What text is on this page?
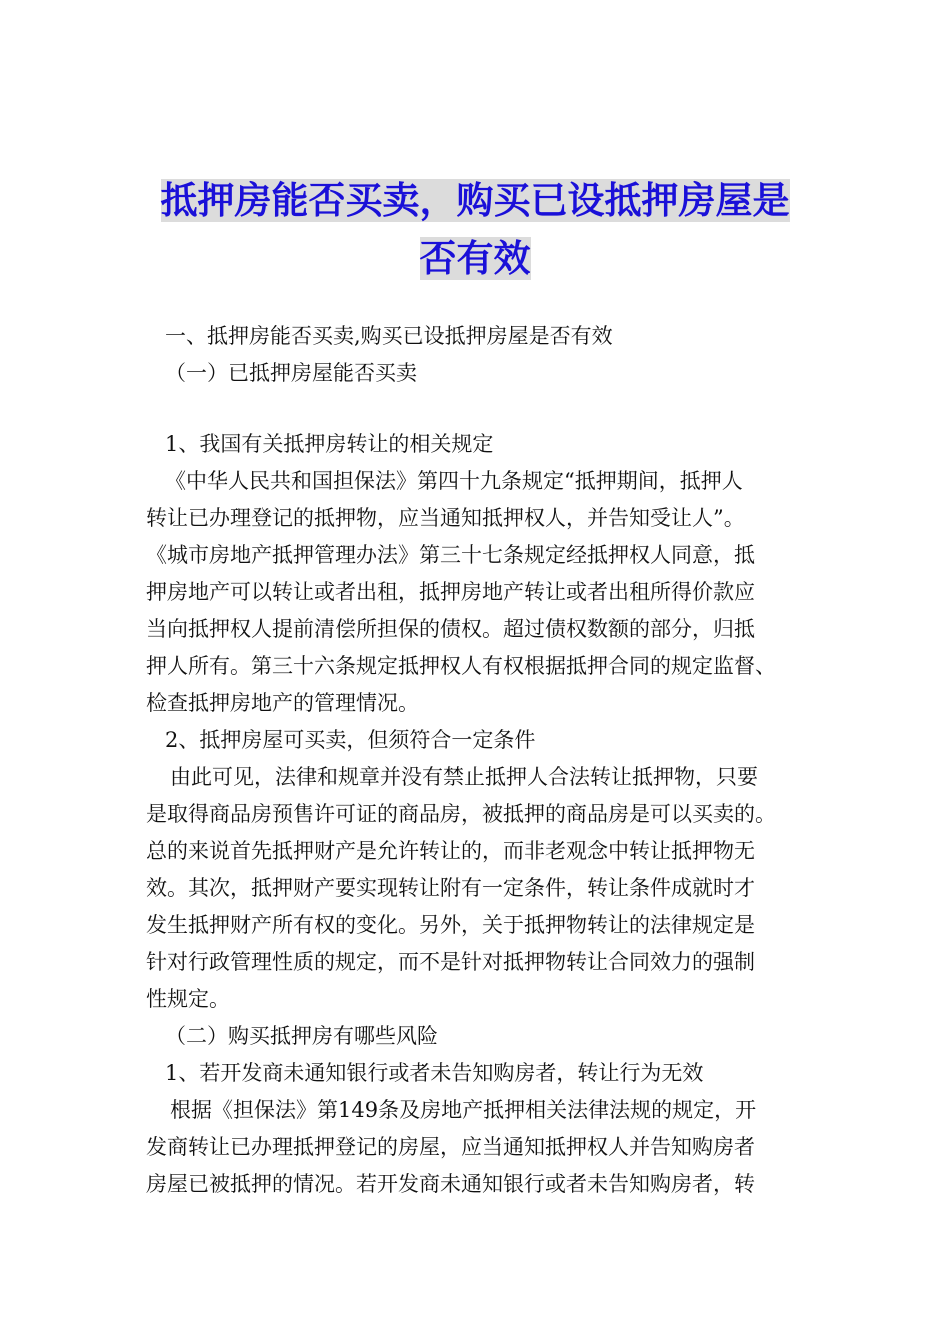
抵押房能否买卖，购买已设抵押房屋是
否有效
一、抵押房能否买卖,购买已设抵押房屋是否有效
（一）已抵押房屋能否买卖
1、我国有关抵押房转让的相关规定
《中华人民共和国担保法》第四十九条规定“抵押期间，抵押人
转让已办理登记的抵押物，应当通知抵押权人，并告知受让人”。
《城市房地产抵押管理办法》第三十七条规定经抵押权人同意，抵
押房地产可以转让或者出租，抵押房地产转让或者出租所得价款应
当向抵押权人提前清偿所担保的债权。超过债权数额的部分，归抵
押人所有。第三十六条规定抵押权人有权根据抵押合同的规定监督、
检查抵押房地产的管理情况。
2、抵押房屋可买卖，但须符合一定条件
由此可见，法律和规章并没有禁止抵押人合法转让抵押物，只要
是取得商品房预售许可证的商品房，被抵押的商品房是可以买卖的。
总的来说首先抵押财产是允许转让的，而非老观念中转让抵押物无
效。其次，抵押财产要实现转让附有一定条件，转让条件成就时才
发生抵押财产所有权的变化。另外，关于抵押物转让的法律规定是
针对行政管理性质的规定，而不是针对抵押物转让合同效力的强制
性规定。
（二）购买抵押房有哪些风险
1、若开发商未通知银行或者未告知购房者，转让行为无效
根据《担保法》第149条及房地产抵押相关法律法规的规定，开
发商转让已办理抵押登记的房屋，应当通知抵押权人并告知购房者
房屋已被抵押的情况。若开发商未通知银行或者未告知购房者，转
